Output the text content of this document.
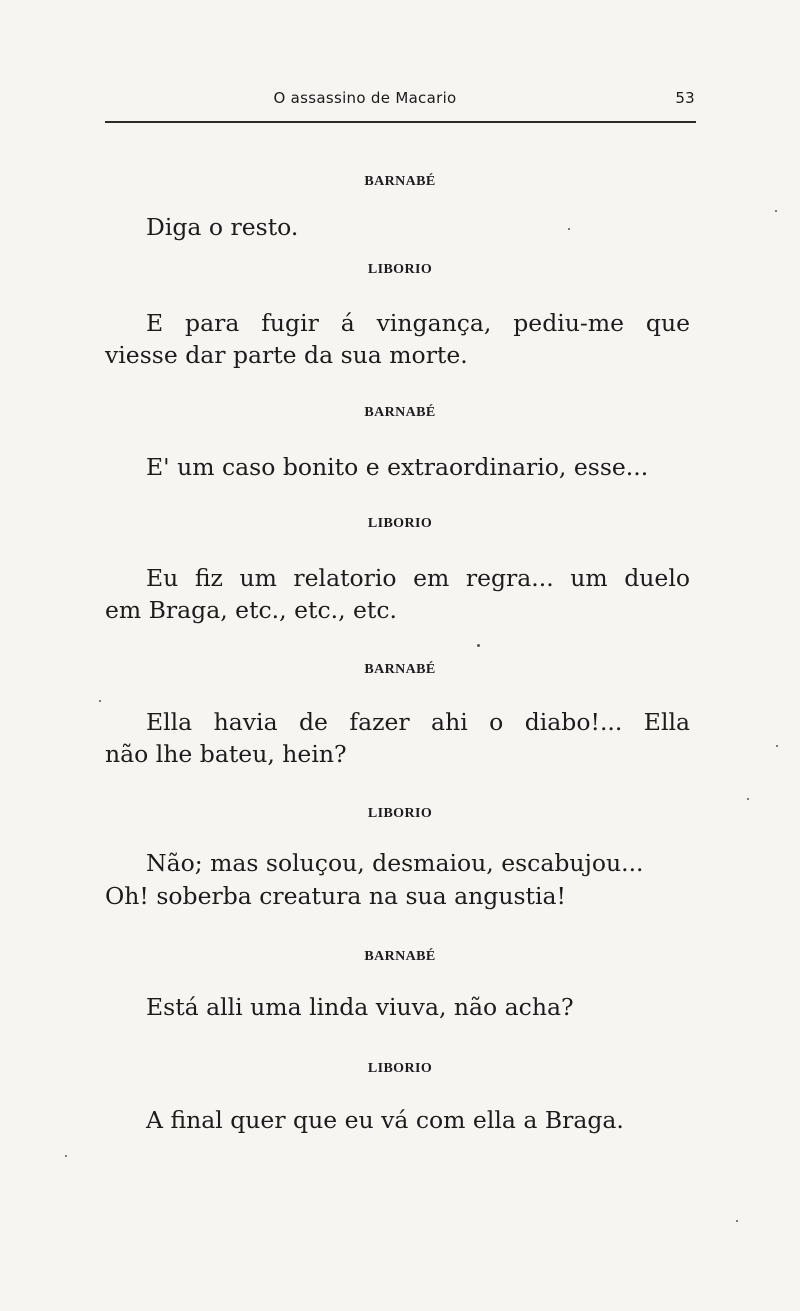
O assassino de Macario	53
BARNABÉ
Diga o resto.
LIBORIO
E para fugir á vingança, pediu-me que
viesse dar parte da sua morte.
BARNABÉ
E' um caso bonito e extraordinario, esse...
LIBORIO
Eu fiz um relatorio em regra... um duelo
em Braga, etc., etc., etc.
BARNABÉ
Ella havia de fazer ahi o diabo!... Ella
não lhe bateu, hein?
LIBORIO
Não; mas soluçou, desmaiou, escabujou...
Oh! soberba creatura na sua angustia!
BARNABÉ
Está alli uma linda viuva, não acha?
LIBORIO
A final quer que eu vá com ella a Braga.
